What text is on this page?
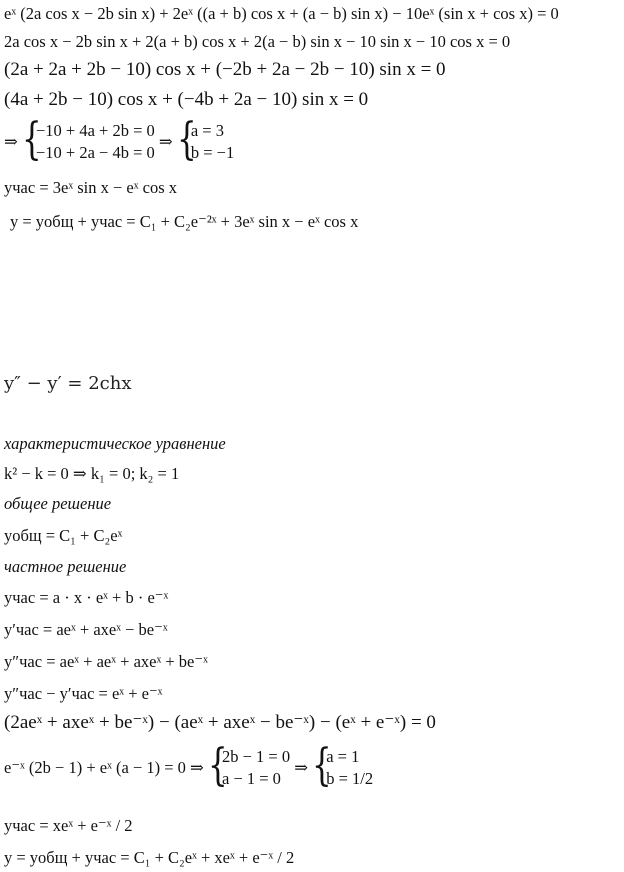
eˣ (2a cos x − 2b sin x) + 2eˣ ((a + b) cos x + (a − b) sin x) − 10eˣ (sin x + cos x) = 0
2a cos x − 2b sin x + 2(a + b) cos x + 2(a − b) sin x − 10 sin x − 10 cos x = 0
(2a + 2a + 2b − 10) cos x + (−2b + 2a − 2b − 10) sin x = 0
(4a + 2b − 10) cos x + (−4b + 2a − 10) sin x = 0
⇒ {
−10 + 4a + 2b = 0
−10 + 2a − 4b = 0
⇒ {
a = 3
b = −1
yчас = 3eˣ sin x − eˣ cos x
y = yобщ + yчас = C₁ + C₂e⁻²ˣ + 3eˣ sin x − eˣ cos x
y″ − y′ = 2chx
характеристическое уравнение
k² − k = 0 ⇒ k₁ = 0; k₂ = 1
общее решение
yобщ = C₁ + C₂eˣ
частное решение
yчас = a · x · eˣ + b · e⁻ˣ
y′час = aeˣ + axeˣ − be⁻ˣ
y″час = aeˣ + aeˣ + axeˣ + be⁻ˣ
y″час − y′час = eˣ + e⁻ˣ
(2aeˣ + axeˣ + be⁻ˣ) − (aeˣ + axeˣ − be⁻ˣ) − (eˣ + e⁻ˣ) = 0
e⁻ˣ (2b − 1) + eˣ (a − 1) = 0 ⇒ {
2b − 1 = 0
a − 1 = 0
⇒ {
a = 1
b = 1/2
yчас = xeˣ + e⁻ˣ / 2
y = yобщ + yчас = C₁ + C₂eˣ + xeˣ + e⁻ˣ / 2
